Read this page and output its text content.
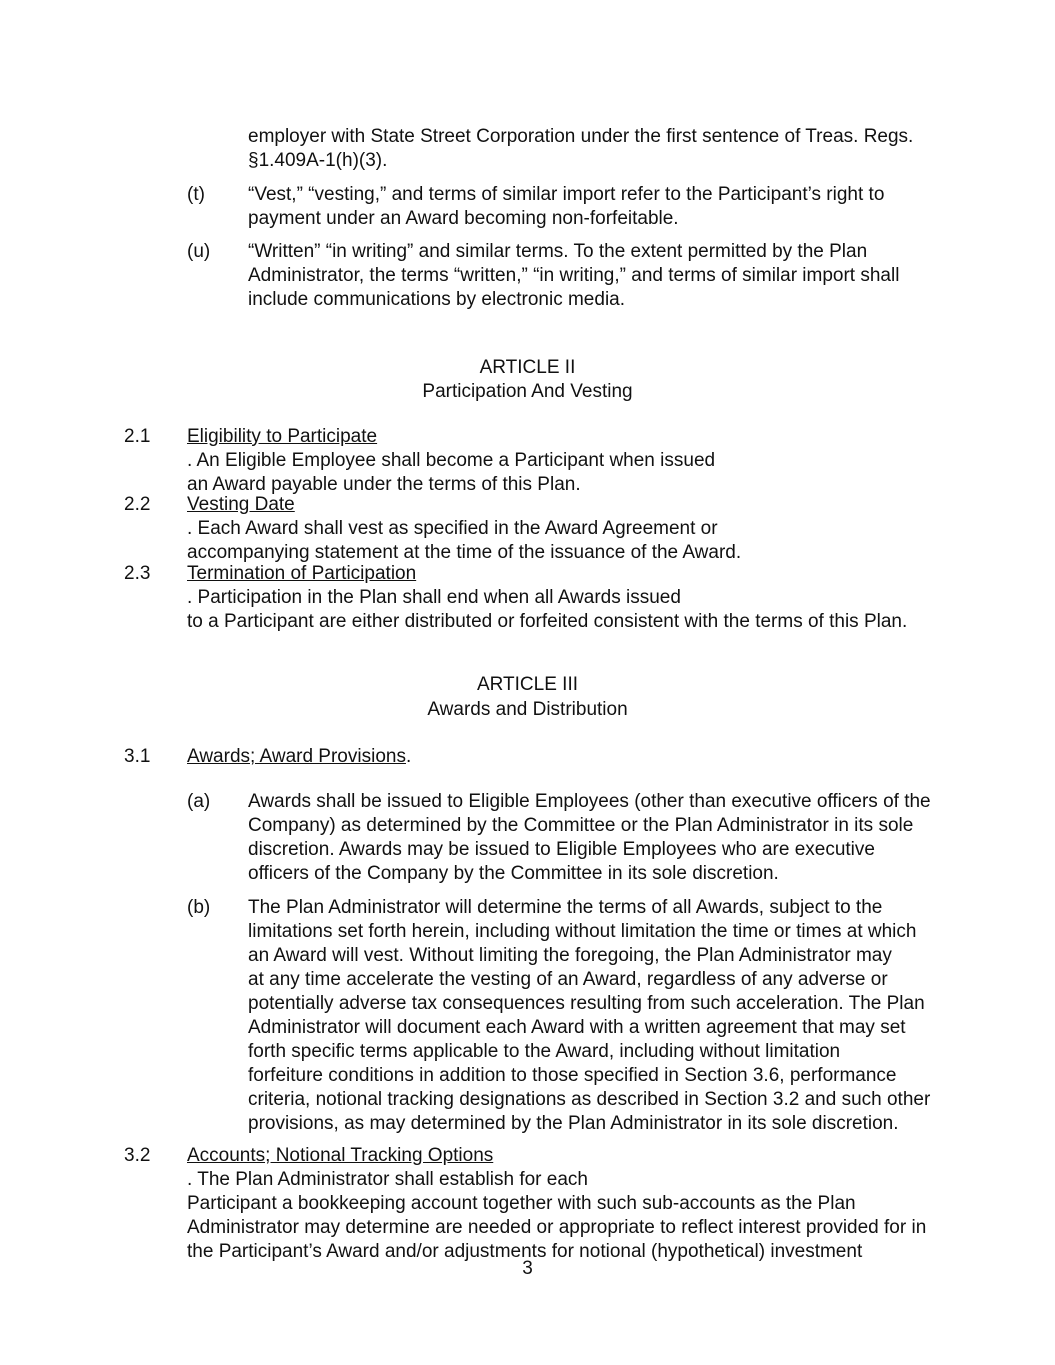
employer with State Street Corporation under the first sentence of Treas. Regs.
§1.409A-1(h)(3).
(t) “Vest,” “vesting,” and terms of similar import refer to the Participant’s right to
payment under an Award becoming non-forfeitable.
(u) “Written” “in writing” and similar terms. To the extent permitted by the Plan
Administrator, the terms “written,” “in writing,” and terms of similar import shall
include communications by electronic media.
ARTICLE II
Participation And Vesting
2.1 Eligibility to Participate
. An Eligible Employee shall become a Participant when issued
an Award payable under the terms of this Plan.
2.2 Vesting Date
. Each Award shall vest as specified in the Award Agreement or
accompanying statement at the time of the issuance of the Award.
2.3 Termination of Participation
. Participation in the Plan shall end when all Awards issued
to a Participant are either distributed or forfeited consistent with the terms of this Plan.
ARTICLE III
Awards and Distribution
3.1 Awards; Award Provisions.
(a) Awards shall be issued to Eligible Employees (other than executive officers of the
Company) as determined by the Committee or the Plan Administrator in its sole
discretion. Awards may be issued to Eligible Employees who are executive
officers of the Company by the Committee in its sole discretion.
(b) The Plan Administrator will determine the terms of all Awards, subject to the
limitations set forth herein, including without limitation the time or times at which
an Award will vest. Without limiting the foregoing, the Plan Administrator may
at any time accelerate the vesting of an Award, regardless of any adverse or
potentially adverse tax consequences resulting from such acceleration. The Plan
Administrator will document each Award with a written agreement that may set
forth specific terms applicable to the Award, including without limitation
forfeiture conditions in addition to those specified in Section 3.6, performance
criteria, notional tracking designations as described in Section 3.2 and such other
provisions, as may determined by the Plan Administrator in its sole discretion.
3.2 Accounts; Notional Tracking Options
. The Plan Administrator shall establish for each
Participant a bookkeeping account together with such sub-accounts as the Plan
Administrator may determine are needed or appropriate to reflect interest provided for in
the Participant’s Award and/or adjustments for notional (hypothetical) investment
3
